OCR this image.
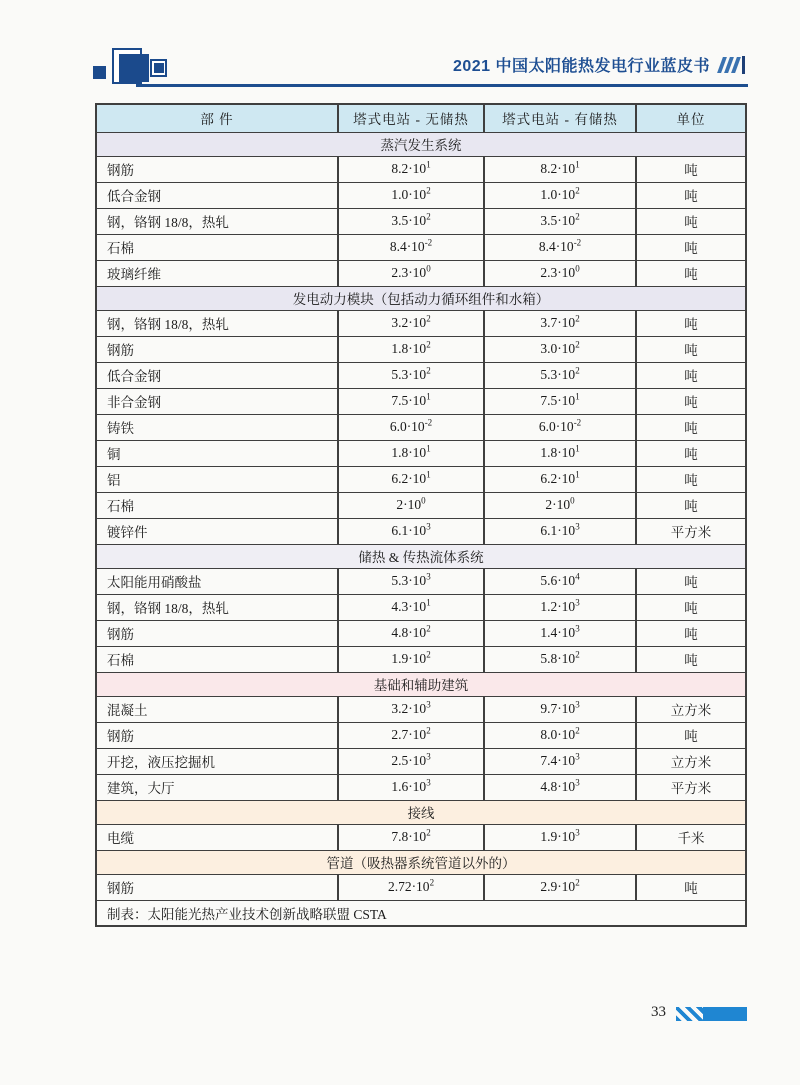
2021 中国太阳能热发电行业蓝皮书
部 件	塔式电站 - 无储热	塔式电站 - 有储热	单位
蒸汽发生系统			
钢筋	$8.2\cdot 10^1$	$8.2\cdot 10^1$	吨
低合金钢	$1.0\cdot 10^2$	$1.0\cdot 10^2$	吨
钢，铬钢 18/8，热轧	$3.5\cdot 10^2$	$3.5\cdot 10^2$	吨
石棉	$8.4\cdot 10^{-2}$	$8.4\cdot 10^{-2}$	吨
玻璃纤维	$2.3\cdot 10^0$	$2.3\cdot 10^0$	吨
发电动力模块（包括动力循环组件和水箱）			
钢，铬钢 18/8，热轧	$3.2\cdot 10^2$	$3.7\cdot 10^2$	吨
钢筋	$1.8\cdot 10^2$	$3.0\cdot 10^2$	吨
低合金钢	$5.3\cdot 10^2$	$5.3\cdot 10^2$	吨
非合金钢	$7.5\cdot 10^1$	$7.5\cdot 10^1$	吨
铸铁	$6.0\cdot 10^{-2}$	$6.0\cdot 10^{-2}$	吨
铜	$1.8\cdot 10^1$	$1.8\cdot 10^1$	吨
铝	$6.2\cdot 10^1$	$6.2\cdot 10^1$	吨
石棉	$2\cdot 10^0$	$2\cdot 10^0$	吨
镀锌件	$6.1\cdot 10^3$	$6.1\cdot 10^3$	平方米
储热 & 传热流体系统			
太阳能用硝酸盐	$5.3\cdot 10^3$	$5.6\cdot 10^4$	吨
钢，铬钢 18/8，热轧	$4.3\cdot 10^1$	$1.2\cdot 10^3$	吨
钢筋	$4.8\cdot 10^2$	$1.4\cdot 10^3$	吨
石棉	$1.9\cdot 10^2$	$5.8\cdot 10^2$	吨
基础和辅助建筑			
混凝土	$3.2\cdot 10^3$	$9.7\cdot 10^3$	立方米
钢筋	$2.7\cdot 10^2$	$8.0\cdot 10^2$	吨
开挖，液压挖掘机	$2.5\cdot 10^3$	$7.4\cdot 10^3$	立方米
建筑，大厅	$1.6\cdot 10^3$	$4.8\cdot 10^3$	平方米
接线			
电缆	$7.8\cdot 10^2$	$1.9\cdot 10^3$	千米
管道（吸热器系统管道以外的）			
钢筋	$2.72\cdot 10^2$	$2.9\cdot 10^2$	吨
制表：太阳能光热产业技术创新战略联盟 CSTA			
33
